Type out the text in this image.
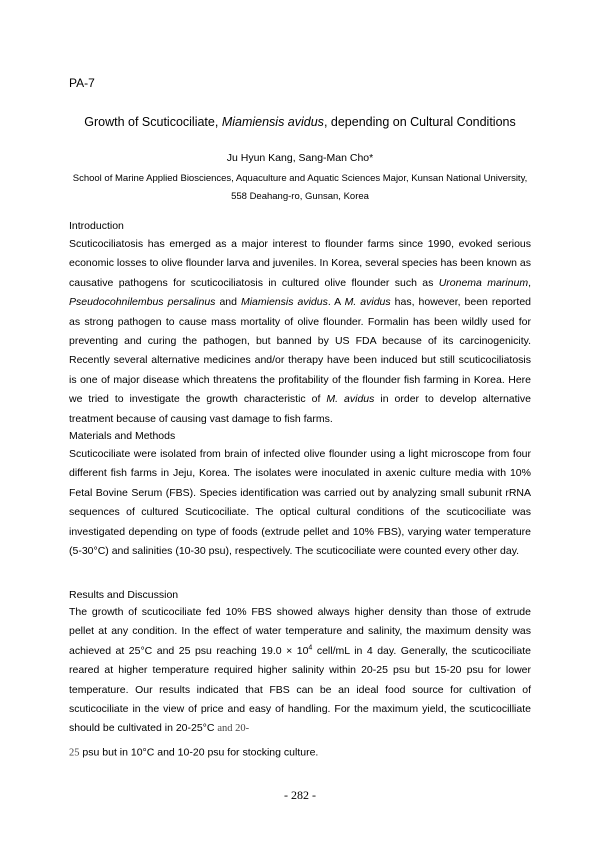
PA-7
Growth of Scuticociliate, Miamiensis avidus, depending on Cultural Conditions
Ju Hyun Kang, Sang-Man Cho*
School of Marine Applied Biosciences, Aquaculture and Aquatic Sciences Major, Kunsan National University,
558 Deahang-ro, Gunsan, Korea
Introduction

Scuticociliatosis has emerged as a major interest to flounder farms since 1990, evoked serious economic losses to olive flounder larva and juveniles. In Korea, several species has been known as causative pathogens for scuticociliatosis in cultured olive flounder such as Uronema marinum, Pseudocohnilembus persalinus and Miamiensis avidus. A M. avidus has, however, been reported as strong pathogen to cause mass mortality of olive flounder. Formalin has been wildly used for preventing and curing the pathogen, but banned by US FDA because of its carcinogenicity. Recently several alternative medicines and/or therapy have been induced but still scuticociliatosis is one of major disease which threatens the profitability of the flounder fish farming in Korea. Here we tried to investigate the growth characteristic of M. avidus in order to develop alternative treatment because of causing vast damage to fish farms.

Materials and Methods

Scuticociliate were isolated from brain of infected olive flounder using a light microscope from four different fish farms in Jeju, Korea. The isolates were inoculated in axenic culture media with 10% Fetal Bovine Serum (FBS). Species identification was carried out by analyzing small subunit rRNA sequences of cultured Scuticociliate. The optical cultural conditions of the scuticociliate was investigated depending on type of foods (extrude pellet and 10% FBS), varying water temperature (5-30°C) and salinities (10-30 psu), respectively. The scuticociliate were counted every other day.

Results and Discussion

The growth of scuticociliate fed 10% FBS showed always higher density than those of extrude pellet at any condition. In the effect of water temperature and salinity, the maximum density was achieved at 25°C and 25 psu reaching $19.0 \times 10^4$ cell/mL in 4 day. Generally, the scuticociliate reared at higher temperature required higher salinity within 20-25 psu but 15-20 psu for lower temperature. Our results indicated that FBS can be an ideal food source for cultivation of scuticociliate in the view of price and easy of handling. For the maximum yield, the scuticocilliate should be cultivated in 20-25°C and 20-
25 psu but in 10°C and 10-20 psu for stocking culture.

- 282 -
